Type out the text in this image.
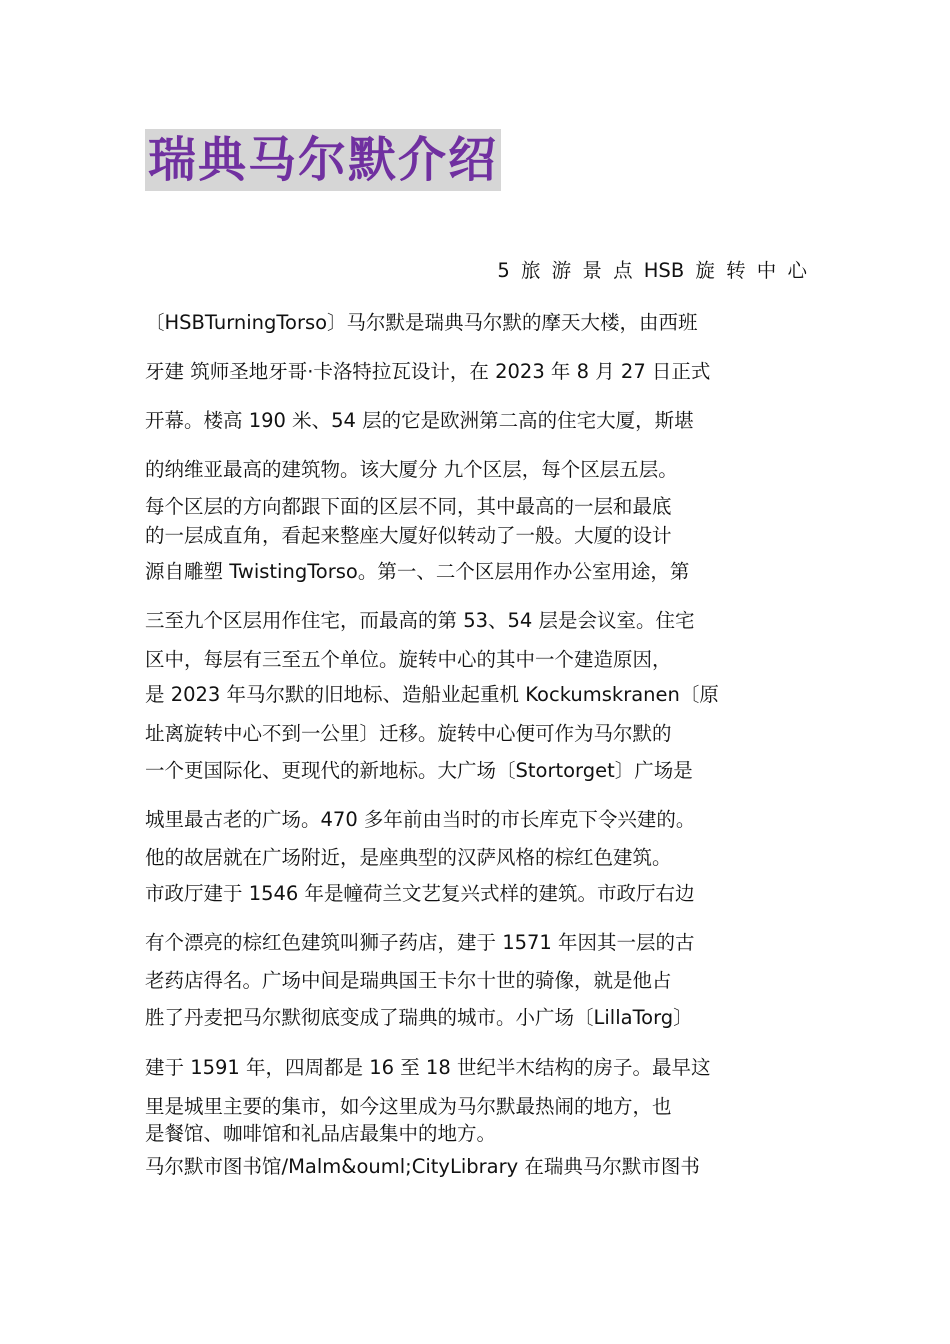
瑞典马尔默介绍
5 旅 游 景 点 HSB 旋 转 中 心
〔HSBTurningTorso〕马尔默是瑞典马尔默的摩天大楼，由西班
牙建 筑师圣地牙哥·卡洛特拉瓦设计，在 2023 年 8 月 27 日正式
开幕。楼高 190 米、54 层的它是欧洲第二高的住宅大厦，斯堪
的纳维亚最高的建筑物。该大厦分 九个区层，每个区层五层。
每个区层的方向都跟下面的区层不同，其中最高的一层和最底
的一层成直角，看起来整座大厦好似转动了一般。大厦的设计
源自雕塑 TwistingTorso。第一、二个区层用作办公室用途，第
三至九个区层用作住宅，而最高的第 53、54 层是会议室。住宅
区中，每层有三至五个单位。旋转中心的其中一个建造原因，
是 2023 年马尔默的旧地标、造船业起重机 Kockumskranen〔原
址离旋转中心不到一公里〕迁移。旋转中心便可作为马尔默的
一个更国际化、更现代的新地标。大广场〔Stortorget〕广场是
城里最古老的广场。470 多年前由当时的市长库克下令兴建的。
他的故居就在广场附近，是座典型的汉萨风格的棕红色建筑。
市政厅建于 1546 年是幢荷兰文艺复兴式样的建筑。市政厅右边
有个漂亮的棕红色建筑叫狮子药店，建于 1571 年因其一层的古
老药店得名。广场中间是瑞典国王卡尔十世的骑像，就是他占
胜了丹麦把马尔默彻底变成了瑞典的城市。小广场〔LillaTorg〕
建于 1591 年，四周都是 16 至 18 世纪半木结构的房子。最早这
里是城里主要的集市，如今这里成为马尔默最热闹的地方，也
是餐馆、咖啡馆和礼品店最集中的地方。
马尔默市图书馆/Malm&ouml;CityLibrary 在瑞典马尔默市图书
